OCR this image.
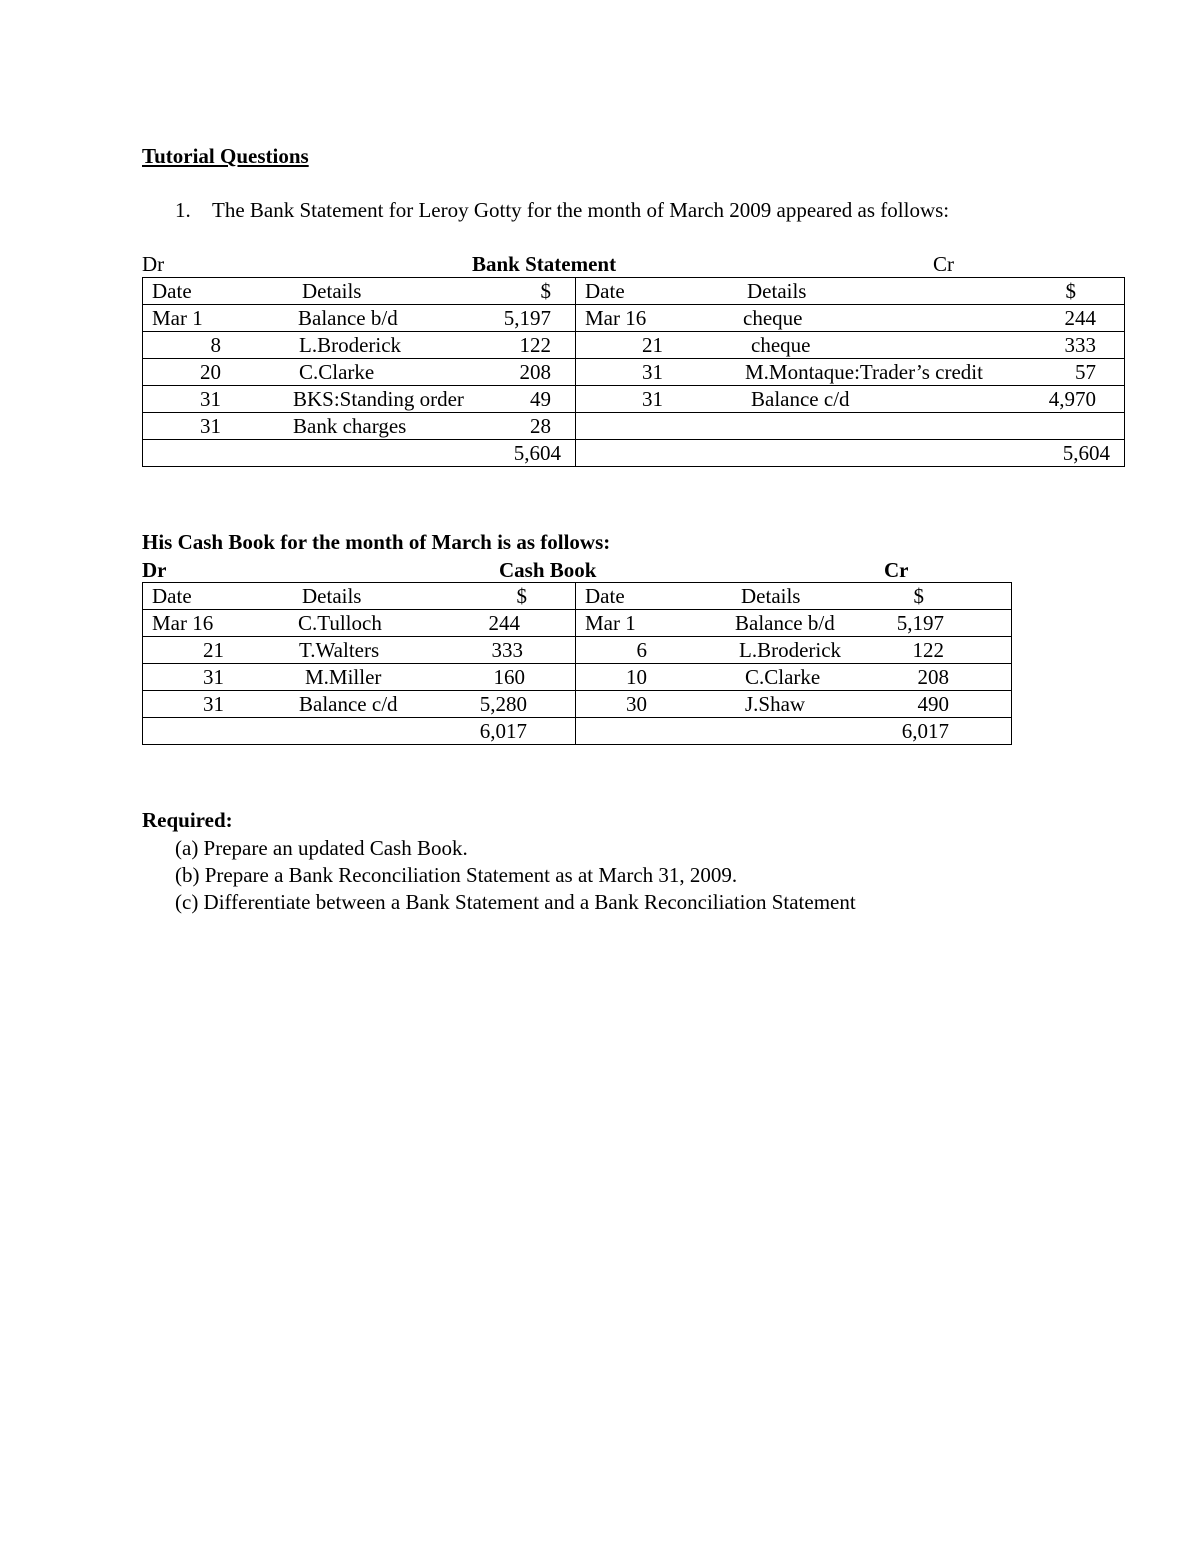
Tutorial Questions
1. The Bank Statement for Leroy Gotty for the month of March 2009 appeared as follows:
Dr	Bank Statement	Cr
Date Details $	Date Details $

Mar 1 Balance b/d 5,197	Mar 16 cheque 244

8 L.Broderick 122	21 cheque 333

20 C.Clarke 208	31 M.Montaque:Trader’s credit 57

31 BKS:Standing order 49	31 Balance c/d 4,970

31 Bank charges 28	

5,604	5,604
His Cash Book for the month of March is as follows:
Dr	Cash Book	Cr
Date Details $	Date Details $

Mar 16 C.Tulloch 244	Mar 1 Balance b/d 5,197

21 T.Walters 333	6 L.Broderick 122

31 M.Miller 160	10 C.Clarke 208

31 Balance c/d 5,280	30 J.Shaw 490

6,017	6,017
Required:
(a) Prepare an updated Cash Book.
(b) Prepare a Bank Reconciliation Statement as at March 31, 2009.
(c) Differentiate between a Bank Statement and a Bank Reconciliation Statement
